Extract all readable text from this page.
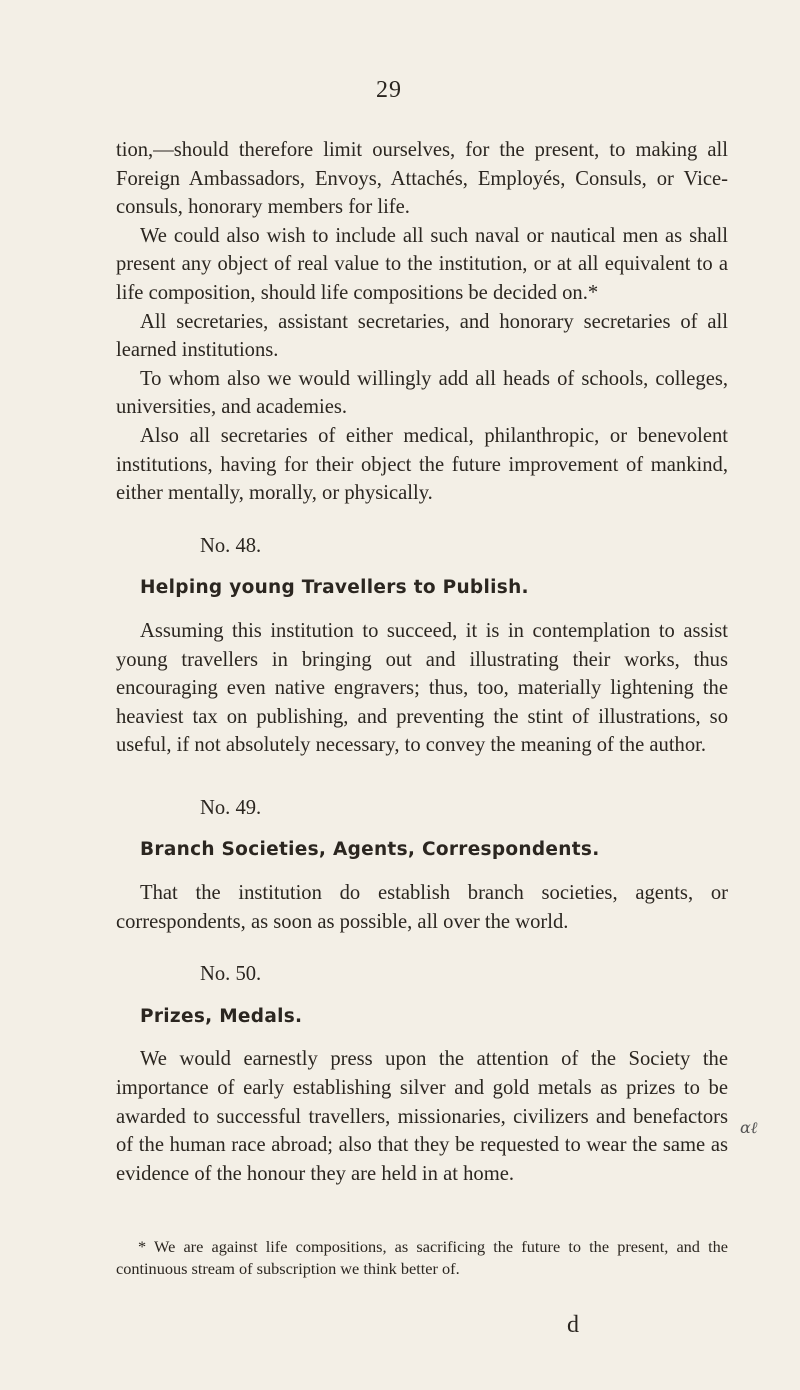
29

tion,—should therefore limit ourselves, for the present, to making all Foreign Ambassadors, Envoys, Attachés, Employés, Consuls, or Vice-consuls, honorary members for life.

We could also wish to include all such naval or nautical men as shall present any object of real value to the institution, or at all equivalent to a life composition, should life compositions be decided on.*

All secretaries, assistant secretaries, and honorary secretaries of all learned institutions.

To whom also we would willingly add all heads of schools, colleges, universities, and academies.

Also all secretaries of either medical, philanthropic, or benevolent institutions, having for their object the future improvement of mankind, either mentally, morally, or physically.

No. 48.

Helping young Travellers to Publish.

Assuming this institution to succeed, it is in contemplation to assist young travellers in bringing out and illustrating their works, thus encouraging even native engravers; thus, too, materially lightening the heaviest tax on publishing, and preventing the stint of illustrations, so useful, if not absolutely necessary, to convey the meaning of the author.

No. 49.

Branch Societies, Agents, Correspondents.

That the institution do establish branch societies, agents, or correspondents, as soon as possible, all over the world.

No. 50.

Prizes, Medals.

We would earnestly press upon the attention of the Society the importance of early establishing silver and gold metals as prizes to be awarded to successful travellers, missionaries, civilizers and benefactors of the human race abroad; also that they be requested to wear the same as evidence of the honour they are held in at home.

ɑℓ
* We are against life compositions, as sacrificing the future to the present, and the continuous stream of subscription we think better of.
d
